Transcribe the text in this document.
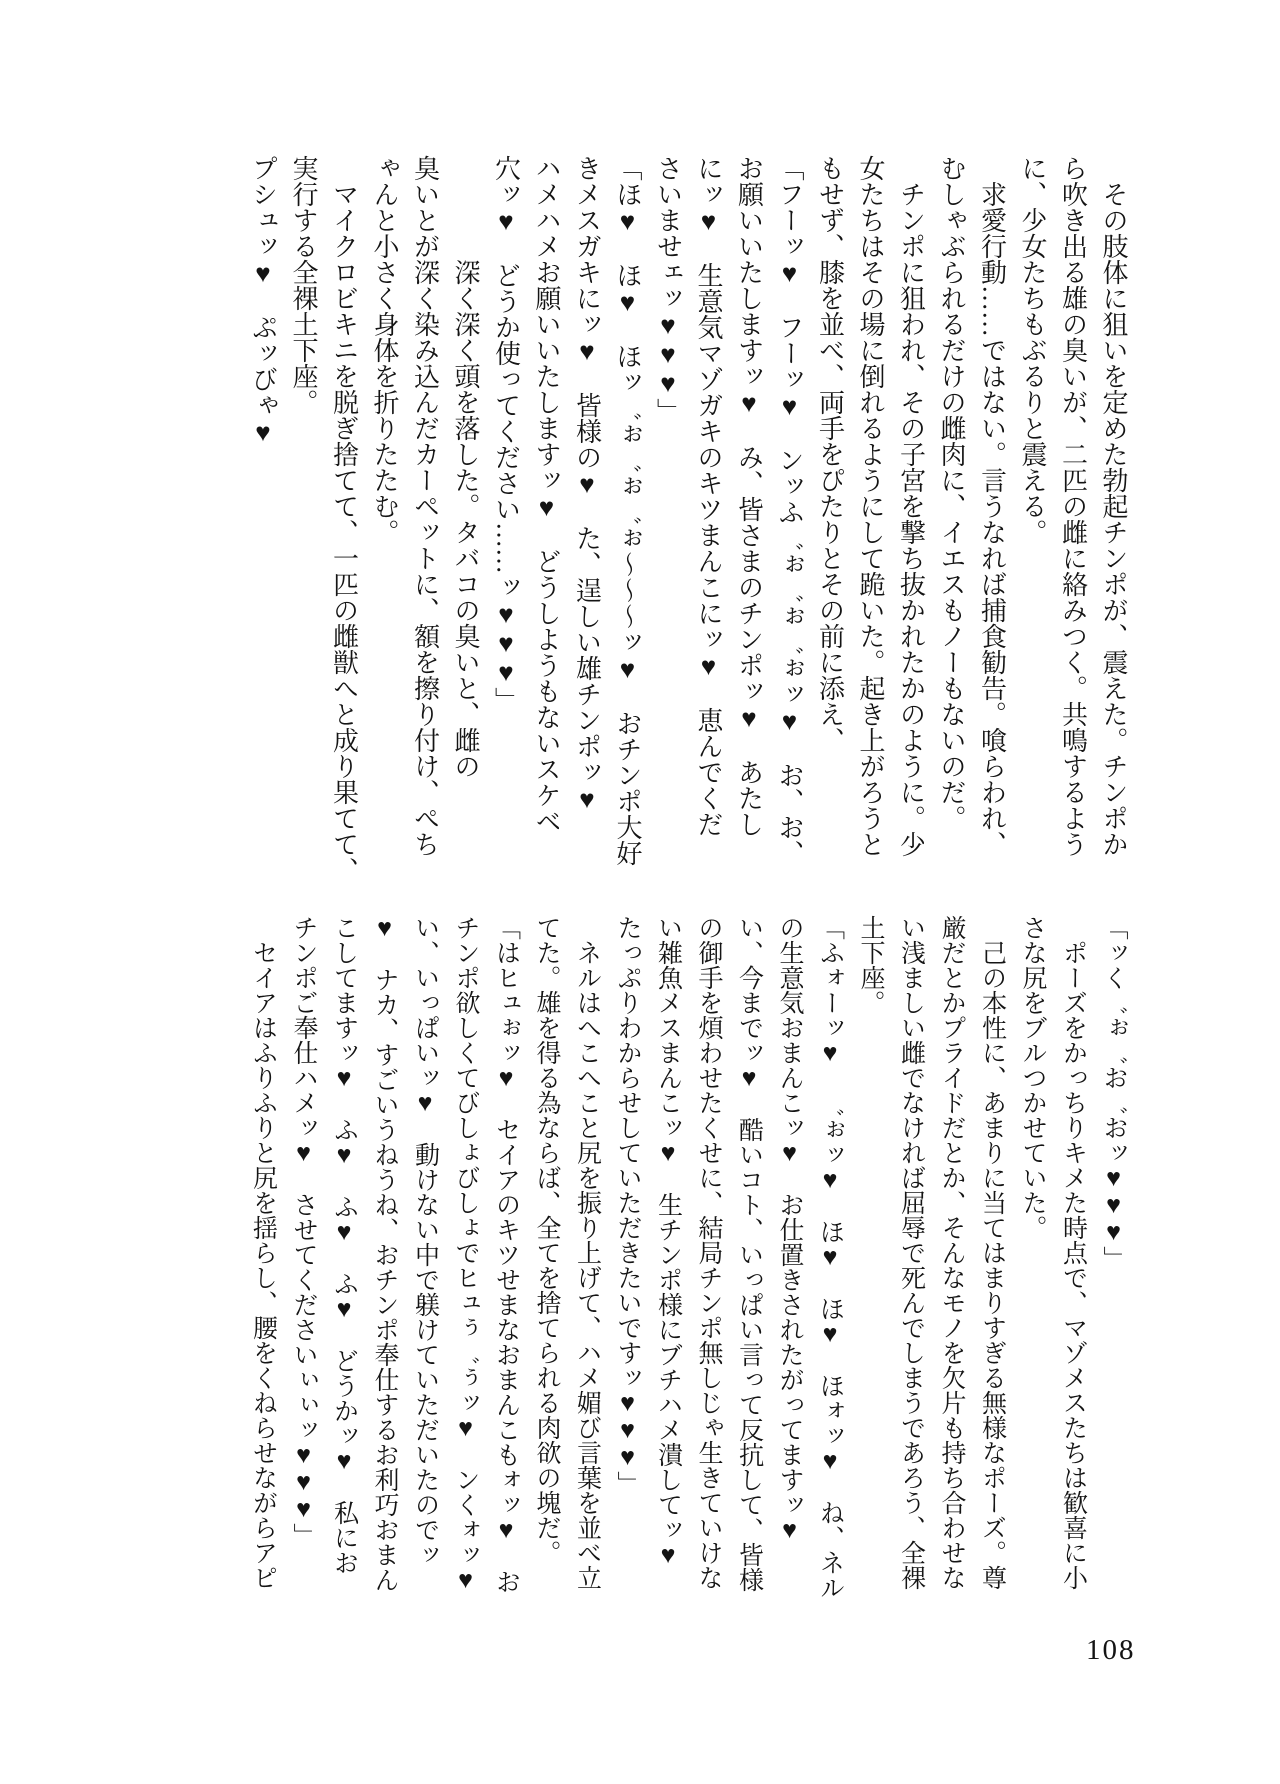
　その肢体に狙いを定めた勃起チンポが、震えた。チンポか

ら吹き出る雄の臭いが、二匹の雌に絡みつく。共鳴するよう

に、少女たちもぶるりと震える。

　求愛行動……ではない。言うなれば捕食勧告。喰らわれ、

むしゃぶられるだけの雌肉に、イエスもノーもないのだ。

　チンポに狙われ、その子宮を撃ち抜かれたかのように。少

女たちはその場に倒れるようにして跪いた。起き上がろうと

もせず、膝を並べ、両手をぴたりとその前に添え、

「フーッ♥　フーッ♥　ンッふ゛ぉ゛ぉ゛ぉッ♥　お、お、

お願いいたしますッ♥　み、皆さまのチンポッ♥　あたし

にッ♥　生意気マゾガキのキツまんこにッ♥　恵んでくだ

さいませェッ♥♥♥」

「ほ♥　ほ♥　ほッ゛ぉ゛ぉ゛ぉ〜〜〜ッ♥　おチンポ大好

きメスガキにッ♥　皆様の♥　た、逞しい雄チンポッ♥

ハメハメお願いいたしますッ♥　どうしようもないスケベ

穴ッ♥　どうか使ってください……ッ♥♥♥」

　　　　深く深く頭を落した。タバコの臭いと、雌の

臭いとが深く染み込んだカーペットに、額を擦り付け、ぺち

ゃんと小さく身体を折りたたむ。

　マイクロビキニを脱ぎ捨てて、一匹の雌獣へと成り果てて、

実行する全裸土下座。

プシュッ♥　ぷッびゃ♥

「ッく゛ぉ゛お゛おッ♥♥♥」

　ポーズをかっちりキメた時点で、マゾメスたちは歓喜に小

さな尻をブルつかせていた。

　己の本性に、あまりに当てはまりすぎる無様なポーズ。尊

厳だとかプライドだとか、そんなモノを欠片も持ち合わせな

い浅ましい雌でなければ屈辱で死んでしまうであろう、全裸

土下座。

「ふォーッ♥　゛ぉッ♥　ほ♥　ほ♥　ほォッ♥　ね、ネル

の生意気おまんこッ♥　お仕置きされたがってますッ♥

い、今までッ♥　酷いコト、いっぱい言って反抗して、皆様

の御手を煩わせたくせに、結局チンポ無しじゃ生きていけな

い雑魚メスまんこッ♥　生チンポ様にブチハメ潰してッ♥

たっぷりわからせしていただきたいですッ♥♥♥」

　ネルはへこへこと尻を振り上げて、ハメ媚び言葉を並べ立

てた。雄を得る為ならば、全てを捨てられる肉欲の塊だ。

「はヒュぉッ♥　セイアのキツせまなおまんこもォッ♥　お

チンポ欲しくてびしょびしょでヒュぅ゛ぅッ♥　ンくォッ♥

い、いっぱいッ♥　動けない中で躾けていただいたのでッ

♥　ナカ、すごいうねうね、おチンポ奉仕するお利巧おまん

こしてますッ♥　ふ♥　ふ♥　ふ♥　どうかッ♥　私にお

チンポご奉仕ハメッ♥　させてくださいぃぃッ♥♥♥」

　セイアはふりふりと尻を揺らし、腰をくねらせながらアピ

108
